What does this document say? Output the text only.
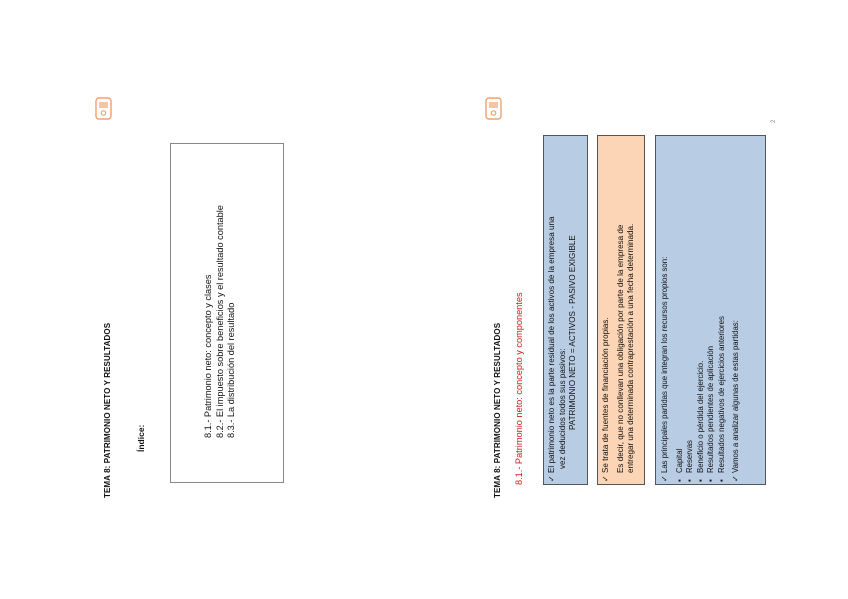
TEMA 8: PATRIMONIO NETO Y RESULTADOS	Índice:
8.1.- Patrimonio neto: concepto y clases 8.2.- El impuesto sobre beneficios y el resultado contable 8.3.- La distribución del resultado	TEMA 8: PATRIMONIO NETO Y RESULTADOS 8.1.- Patrimonio neto: concepto y componentes	✓El patrimonio neto es la parte residual de los activos de la empresa una vez deducidos todos sus pasivos: PATRIMONIO NETO = ACTIVOS - PASIVO EXIGIBLE
✓Se trata de fuentes de financiación propias. Es decir, que no conllevan una obligación por parte de la empresa de entregar una determinada contraprestación a una fecha determinada.
✓Las principales partidas que integran los recursos propios son:
▪Capital
▪Reservas
▪Beneficio o pérdida del ejercicio.
▪Resultados pendientes de aplicación
▪Resultados negativos de ejercicios anteriores
✓Vamos a analizar algunas de estas partidas:
2
